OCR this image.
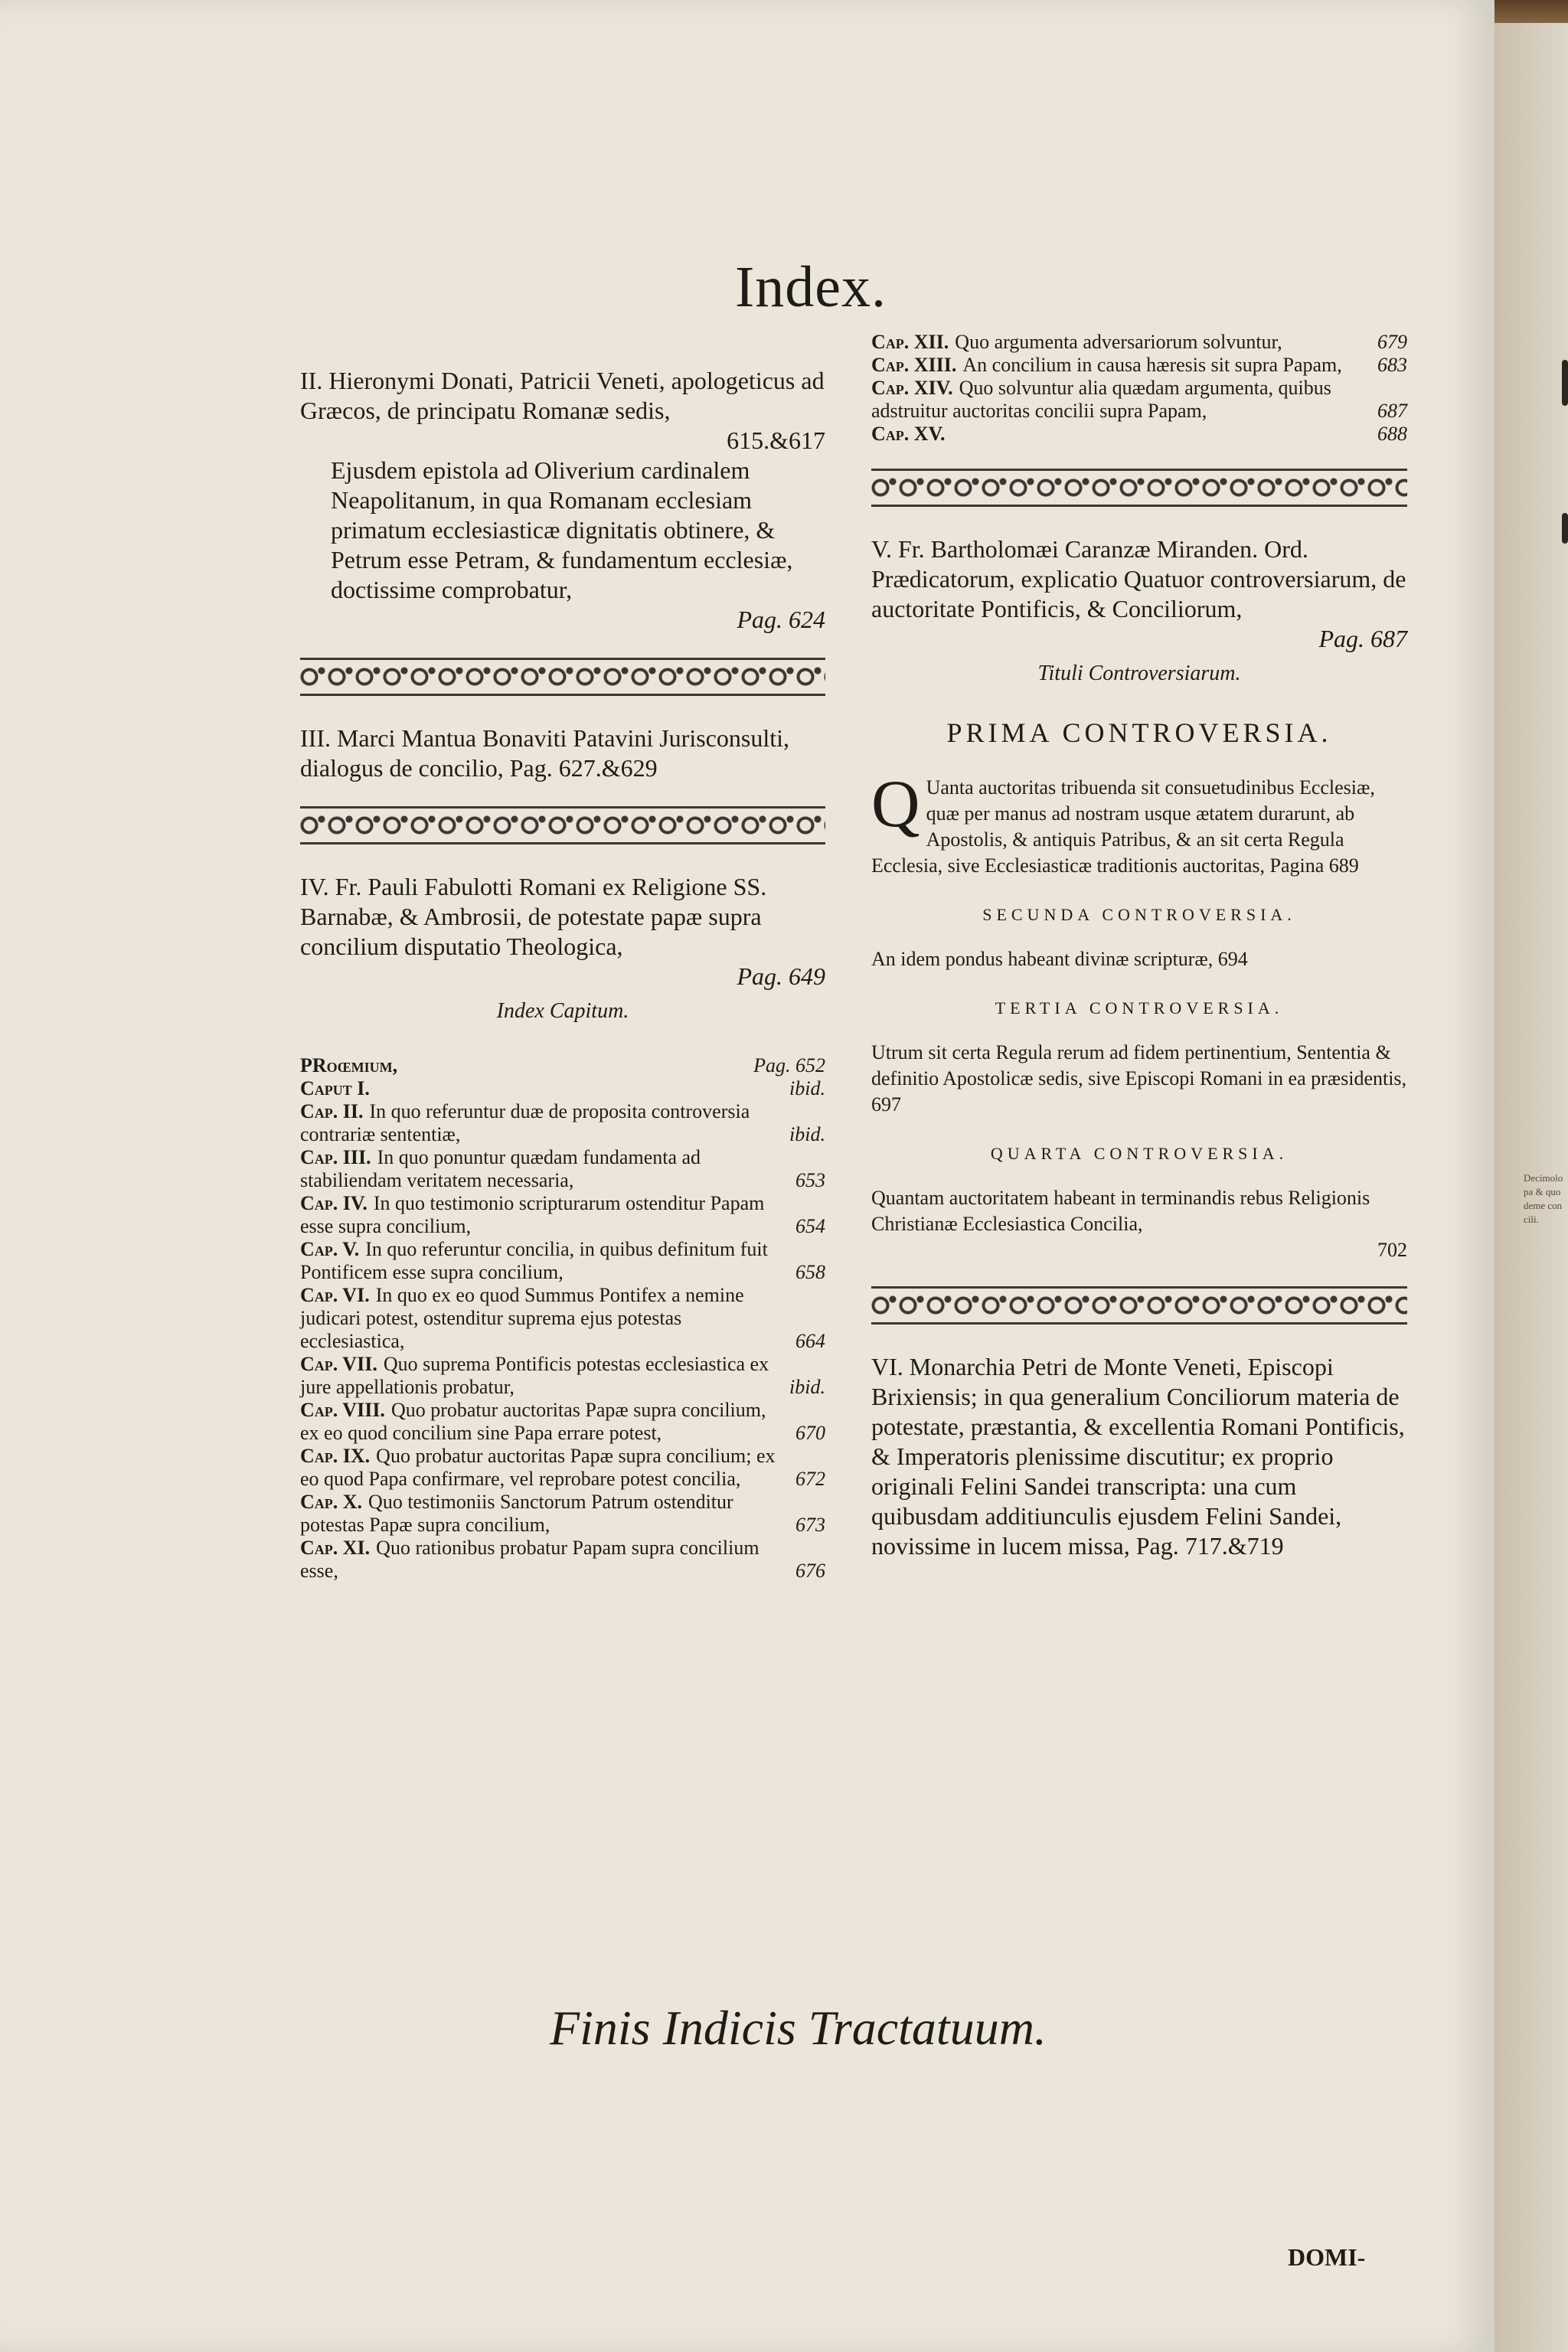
Decimolo pa & quo deme con cili.
Index.

II. Hieronymi Donati, Patricii Veneti, apologeticus ad Græcos, de principatu Romanæ sedis,

615.&617

Ejusdem epistola ad Oliverium cardinalem Neapolitanum, in qua Romanam ecclesiam primatum ecclesiasticæ dignitatis obtinere, & Petrum esse Petram, & fundamentum ecclesiæ, doctissime comprobatur,

Pag. 624

III. Marci Mantua Bonaviti Patavini Jurisconsulti, dialogus de concilio, Pag. 627.&629

IV. Fr. Pauli Fabulotti Romani ex Religione SS. Barnabæ, & Ambrosii, de potestate papæ supra concilium disputatio Theologica,

Pag. 649

Index Capitum.
PRoœmium,	Pag. 652
Caput I.	ibid.
Cap. II. In quo referuntur duæ de proposita controversia contrariæ sententiæ,	ibid.
Cap. III. In quo ponuntur quædam fundamenta ad stabiliendam veritatem necessaria,	653
Cap. IV. In quo testimonio scripturarum ostenditur Papam esse supra concilium,	654
Cap. V. In quo referuntur concilia, in quibus definitum fuit Pontificem esse supra concilium,	658
Cap. VI. In quo ex eo quod Summus Pontifex a nemine judicari potest, ostenditur suprema ejus potestas ecclesiastica,	664
Cap. VII. Quo suprema Pontificis potestas ecclesiastica ex jure appellationis probatur,	ibid.
Cap. VIII. Quo probatur auctoritas Papæ supra concilium, ex eo quod concilium sine Papa errare potest,	670
Cap. IX. Quo probatur auctoritas Papæ supra concilium; ex eo quod Papa confirmare, vel reprobare potest concilia,	672
Cap. X. Quo testimoniis Sanctorum Patrum ostenditur potestas Papæ supra concilium,	673
Cap. XI. Quo rationibus probatur Papam supra concilium esse,	676
Cap. XII. Quo argumenta adversariorum solvuntur,	679
Cap. XIII. An concilium in causa hæresis sit supra Papam, 683
Cap. XIV. Quo solvuntur alia quædam argumenta, quibus adstruitur auctoritas concilii supra Papam,	687
Cap. XV.	688

V. Fr. Bartholomæi Caranzæ Miranden. Ord. Prædicatorum, explicatio Quatuor controversiarum, de auctoritate Pontificis, & Conciliorum,

Pag. 687

Tituli Controversiarum.
PRIMA CONTROVERSIA.
Q Uanta auctoritas tribuenda sit consuetudinibus Ecclesiæ, quæ per manus ad nostram usque ætatem durarunt, ab Apostolis, & antiquis Patribus, & an sit certa Regula Ecclesia, sive Ecclesiasticæ traditionis auctoritas, Pagina 689
SECUNDA CONTROVERSIA.
An idem pondus habeant divinæ scripturæ, 694
TERTIA CONTROVERSIA.
Utrum sit certa Regula rerum ad fidem pertinentium, Sententia & definitio Apostolicæ sedis, sive Episcopi Romani in ea præsidentis, 697
QUARTA CONTROVERSIA.
Quantam auctoritatem habeant in terminandis rebus Religionis Christianæ Ecclesiastica Concilia,
702

VI. Monarchia Petri de Monte Veneti, Episcopi Brixiensis; in qua generalium Conciliorum materia de potestate, præstantia, & excellentia Romani Pontificis, & Imperatoris plenissime discutitur; ex proprio originali Felini Sandei transcripta: una cum quibusdam additiunculis ejusdem Felini Sandei, novissime in lucem missa, Pag. 717.&719

Finis Indicis Tractatuum.
DOMI-
